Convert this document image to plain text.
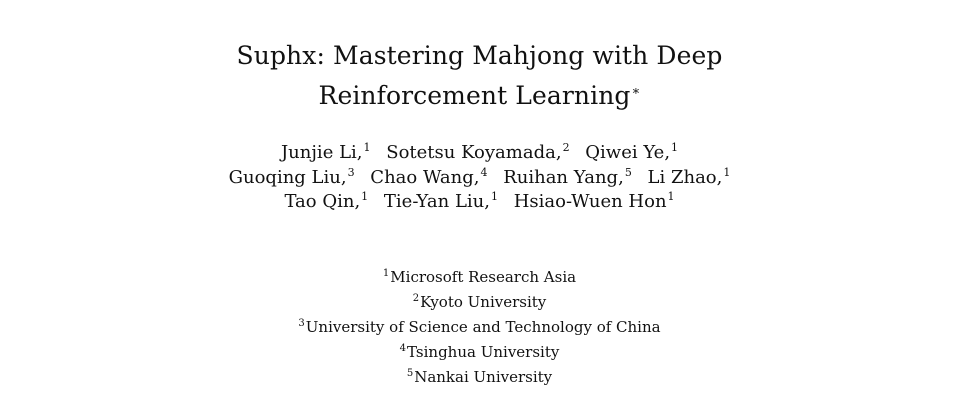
Suphx: Mastering Mahjong with Deep
Reinforcement Learning∗
Junjie Li,$^1$ Sotetsu Koyamada,$^2$ Qiwei Ye,$^1$
Guoqing Liu,$^3$ Chao Wang,$^4$ Ruihan Yang,$^5$ Li Zhao,$^1$
Tao Qin,$^1$ Tie-Yan Liu,$^1$ Hsiao-Wuen Hon$^1$
$^1$Microsoft Research Asia
$^2$Kyoto University
$^3$University of Science and Technology of China
$^4$Tsinghua University
$^5$Nankai University
